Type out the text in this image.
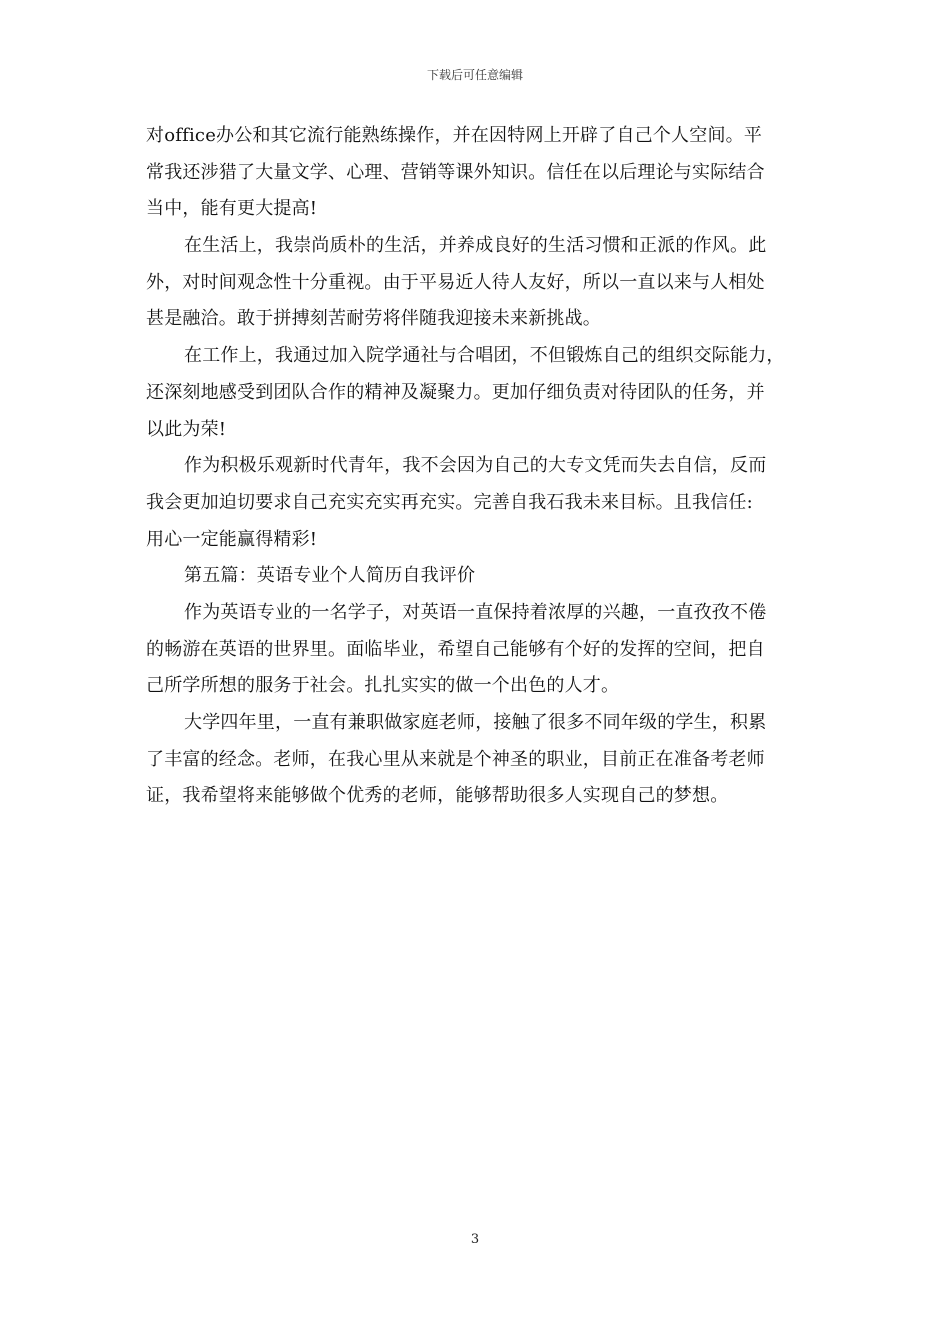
下载后可任意编辑
对office办公和其它流行能熟练操作，并在因特网上开辟了自己个人空间。平
常我还涉猎了大量文学、心理、营销等课外知识。信任在以后理论与实际结合
当中，能有更大提高!
在生活上，我崇尚质朴的生活，并养成良好的生活习惯和正派的作风。此
外，对时间观念性十分重视。由于平易近人待人友好，所以一直以来与人相处
甚是融洽。敢于拼搏刻苦耐劳将伴随我迎接未来新挑战。
在工作上，我通过加入院学通社与合唱团，不但锻炼自己的组织交际能力，
还深刻地感受到团队合作的精神及凝聚力。更加仔细负责对待团队的任务，并
以此为荣!
作为积极乐观新时代青年，我不会因为自己的大专文凭而失去自信，反而
我会更加迫切要求自己充实充实再充实。完善自我石我未来目标。且我信任:
用心一定能赢得精彩!
第五篇：英语专业个人简历自我评价
作为英语专业的一名学子，对英语一直保持着浓厚的兴趣，一直孜孜不倦
的畅游在英语的世界里。面临毕业，希望自己能够有个好的发挥的空间，把自
己所学所想的服务于社会。扎扎实实的做一个出色的人才。
大学四年里，一直有兼职做家庭老师，接触了很多不同年级的学生，积累
了丰富的经念。老师，在我心里从来就是个神圣的职业，目前正在准备考老师
证，我希望将来能够做个优秀的老师，能够帮助很多人实现自己的梦想。
3
